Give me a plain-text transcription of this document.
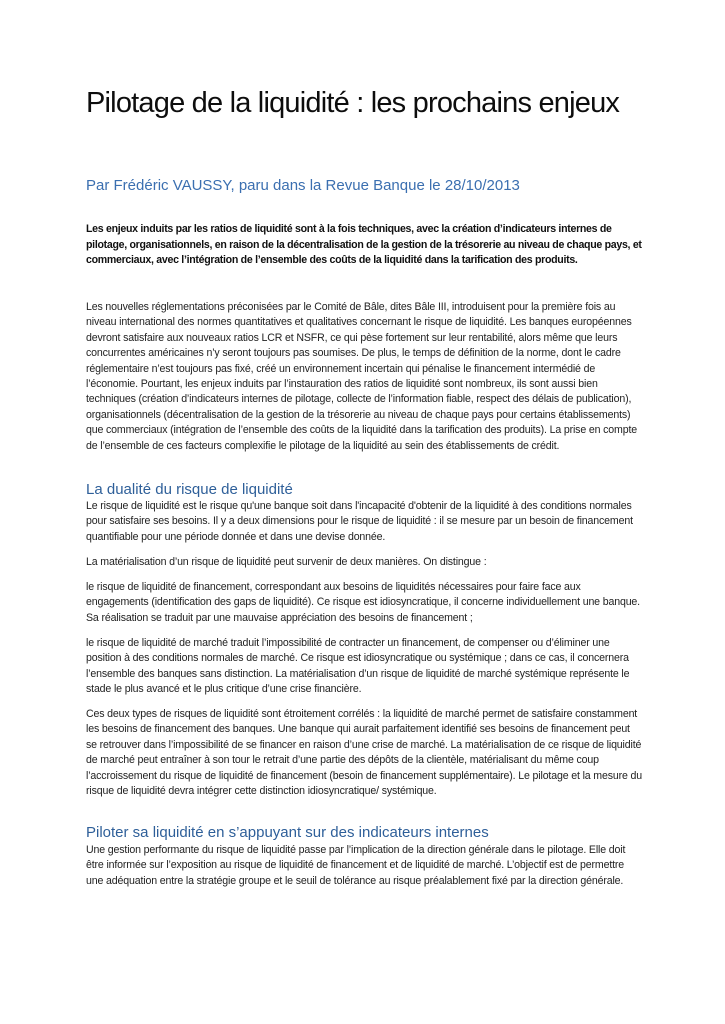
Pilotage de la liquidité : les prochains enjeux

Par Frédéric VAUSSY, paru dans la Revue Banque le 28/10/2013

Les enjeux induits par les ratios de liquidité sont à la fois techniques, avec la création d’indicateurs internes de pilotage, organisationnels, en raison de la décentralisation de la gestion de la trésorerie au niveau de chaque pays, et commerciaux, avec l’intégration de l’ensemble des coûts de la liquidité dans la tarification des produits.

Les nouvelles réglementations préconisées par le Comité de Bâle, dites Bâle III, introduisent pour la première fois au niveau international des normes quantitatives et qualitatives concernant le risque de liquidité. Les banques européennes devront satisfaire aux nouveaux ratios LCR et NSFR, ce qui pèse fortement sur leur rentabilité, alors même que leurs concurrentes américaines n’y seront toujours pas soumises. De plus, le temps de définition de la norme, dont le cadre réglementaire n’est toujours pas fixé, créé un environnement incertain qui pénalise le financement intermédié de l’économie. Pourtant, les enjeux induits par l’instauration des ratios de liquidité sont nombreux, ils sont aussi bien techniques (création d’indicateurs internes de pilotage, collecte de l’information fiable, respect des délais de publication), organisationnels (décentralisation de la gestion de la trésorerie au niveau de chaque pays pour certains établissements) que commerciaux (intégration de l’ensemble des coûts de la liquidité dans la tarification des produits). La prise en compte de l’ensemble de ces facteurs complexifie le pilotage de la liquidité au sein des établissements de crédit.

La dualité du risque de liquidité

Le risque de liquidité est le risque qu'une banque soit dans l'incapacité d'obtenir de la liquidité à des conditions normales pour satisfaire ses besoins. Il y a deux dimensions pour le risque de liquidité : il se mesure par un besoin de financement quantifiable pour une période donnée et dans une devise donnée.

La matérialisation d’un risque de liquidité peut survenir de deux manières. On distingue :

le risque de liquidité de financement, correspondant aux besoins de liquidités nécessaires pour faire face aux engagements (identification des gaps de liquidité). Ce risque est idiosyncratique, il concerne individuellement une banque. Sa réalisation se traduit par une mauvaise appréciation des besoins de financement ;

le risque de liquidité de marché traduit l’impossibilité de contracter un financement, de compenser ou d’éliminer une position à des conditions normales de marché. Ce risque est idiosyncratique ou systémique ; dans ce cas, il concernera l’ensemble des banques sans distinction. La matérialisation d’un risque de liquidité de marché systémique représente le stade le plus avancé et le plus critique d’une crise financière.

Ces deux types de risques de liquidité sont étroitement corrélés : la liquidité de marché permet de satisfaire constamment les besoins de financement des banques. Une banque qui aurait parfaitement identifié ses besoins de financement peut se retrouver dans l’impossibilité de se financer en raison d’une crise de marché. La matérialisation de ce risque de liquidité de marché peut entraîner à son tour le retrait d’une partie des dépôts de la clientèle, matérialisant du même coup l’accroissement du risque de liquidité de financement (besoin de financement supplémentaire). Le pilotage et la mesure du risque de liquidité devra intégrer cette distinction idiosyncratique/ systémique.

Piloter sa liquidité en s’appuyant sur des indicateurs internes

Une gestion performante du risque de liquidité passe par l’implication de la direction générale dans le pilotage. Elle doit être informée sur l’exposition au risque de liquidité de financement et de liquidité de marché. L’objectif est de permettre une adéquation entre la stratégie groupe et le seuil de tolérance au risque préalablement fixé par la direction générale.
